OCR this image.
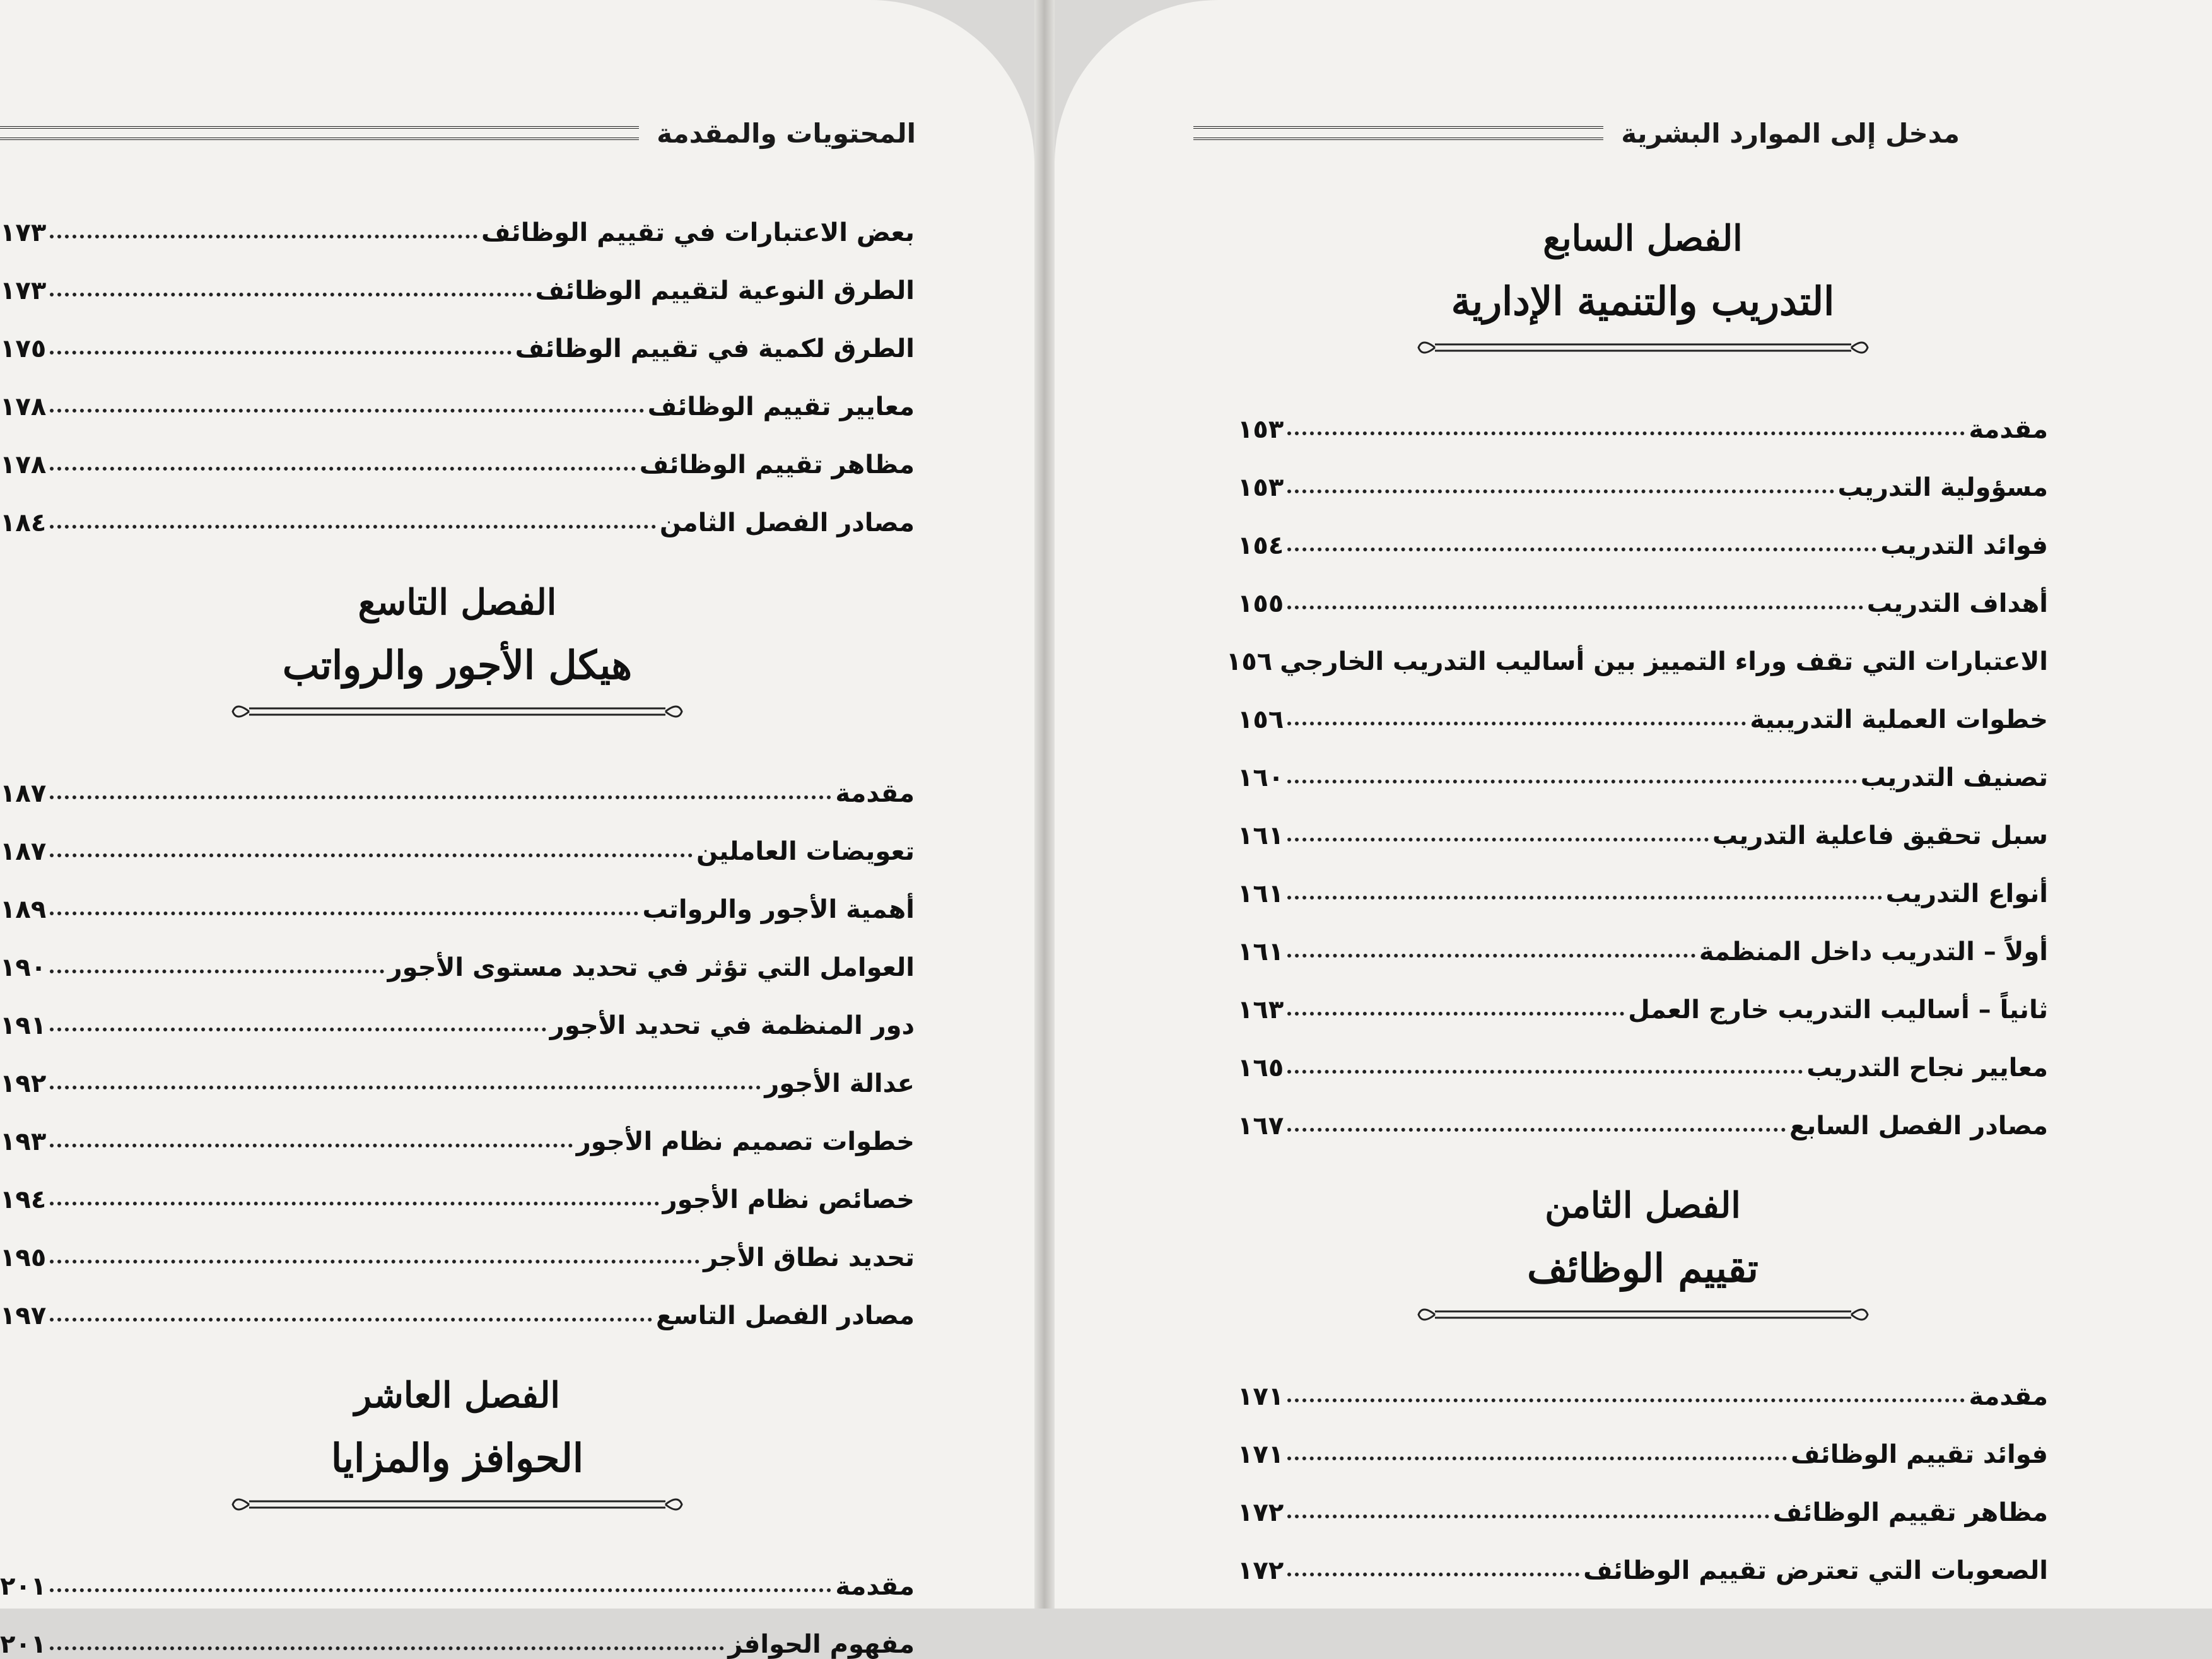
المحتويات والمقدمة
بعض الاعتبارات في تقييم الوظائف
١٧٣
الطرق النوعية لتقييم الوظائف
١٧٣
الطرق لكمية في تقييم الوظائف
١٧٥
معايير تقييم الوظائف
١٧٨
مظاهر تقييم الوظائف
١٧٨
مصادر الفصل الثامن
١٨٤
الفصل التاسع
هيكل الأجور والرواتب
مقدمة
١٨٧
تعويضات العاملين
١٨٧
أهمية الأجور والرواتب
١٨٩
العوامل التي تؤثر في تحديد مستوى الأجور
١٩٠
دور المنظمة في تحديد الأجور
١٩١
عدالة الأجور
١٩٢
خطوات تصميم نظام الأجور
١٩٣
خصائص نظام الأجور
١٩٤
تحديد نطاق الأجر
١٩٥
مصادر الفصل التاسع
١٩٧
الفصل العاشر
الحوافز والمزايا
مقدمة
٢٠١
مفهوم الحوافز
٢٠١
مدخل إلى الموارد البشرية
الفصل السابع
التدريب والتنمية الإدارية
مقدمة
١٥٣
مسؤولية التدريب
١٥٣
فوائد التدريب
١٥٤
أهداف التدريب
١٥٥
الاعتبارات التي تقف وراء التمييز بين أساليب التدريب الخارجي
١٥٦
خطوات العملية التدريبية
١٥٦
تصنيف التدريب
١٦٠
سبل تحقيق فاعلية التدريب
١٦١
أنواع التدريب
١٦١
أولاً – التدريب داخل المنظمة
١٦١
ثانياً – أساليب التدريب خارج العمل
١٦٣
معايير نجاح التدريب
١٦٥
مصادر الفصل السابع
١٦٧
الفصل الثامن
تقييم الوظائف
مقدمة
١٧١
فوائد تقييم الوظائف
١٧١
مظاهر تقييم الوظائف
١٧٢
الصعوبات التي تعترض تقييم الوظائف
١٧٢
